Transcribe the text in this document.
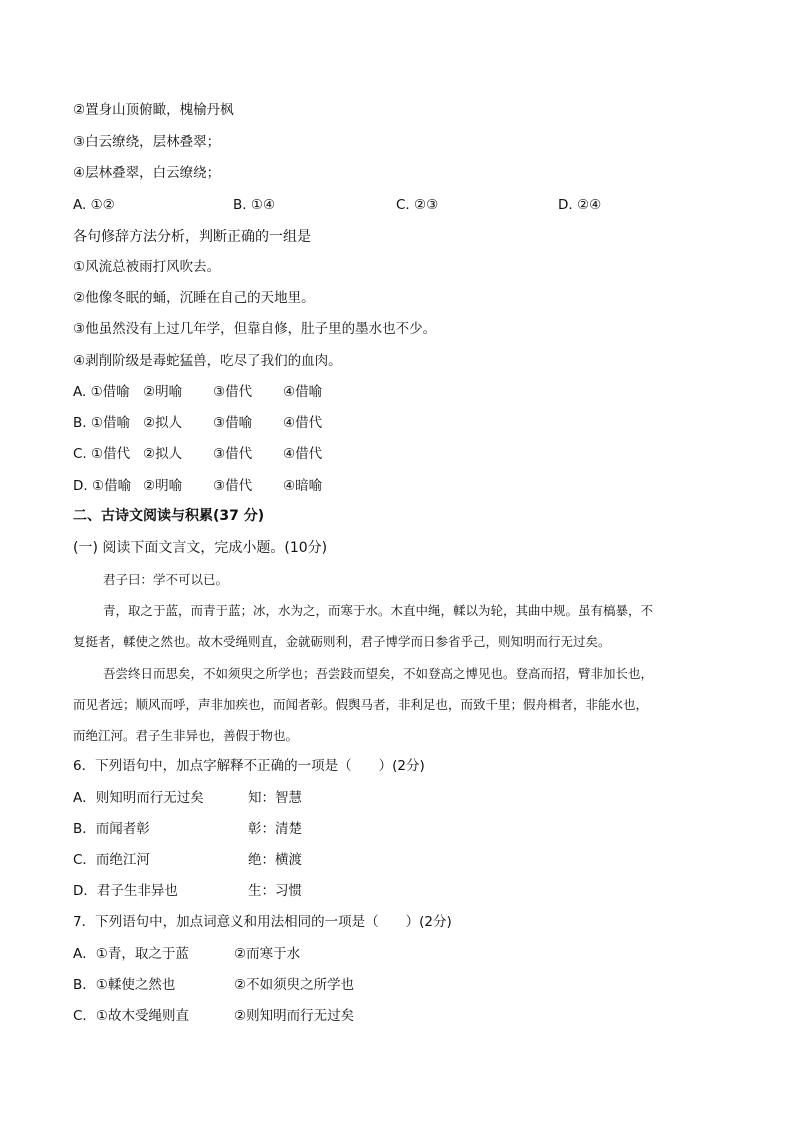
②置身山顶俯瞰，槐榆丹枫
③白云缭绕，层林叠翠；
④层林叠翠，白云缭绕；
A. ①②	B. ①④	C. ②③	D. ②④
各句修辞方法分析，判断正确的一组是
①风流总被雨打风吹去。
②他像冬眠的蛹，沉睡在自己的天地里。
③他虽然没有上过几年学，但靠自修，肚子里的墨水也不少。
④剥削阶级是毒蛇猛兽，吃尽了我们的血肉。
A. ①借喻 ②明喻 ③借代 ④借喻
B. ①借喻 ②拟人 ③借喻 ④借代
C. ①借代 ②拟人 ③借代 ④借代
D. ①借喻 ②明喻 ③借代 ④暗喻
二、古诗文阅读与积累(37 分)
(一) 阅读下面文言文，完成小题。(10分)
君子曰：学不可以已。
青，取之于蓝，而青于蓝；冰，水为之，而寒于水。木直中绳，輮以为轮，其曲中规。虽有槁暴，不
复挺者，輮使之然也。故木受绳则直，金就砺则利，君子博学而日参省乎己，则知明而行无过矣。
吾尝终日而思矣，不如须臾之所学也；吾尝跂而望矣，不如登高之博见也。登高而招，臂非加长也，
而见者远；顺风而呼，声非加疾也，而闻者彰。假舆马者，非利足也，而致千里；假舟楫者，非能水也，
而绝江河。君子生非异也，善假于物也。
6．下列语句中，加点字解释不正确的一项是（　　）(2分)
A．则知明而行无过矣	知：智慧
B．而闻者彰	彰：清楚
C．而绝江河	绝：横渡
D．君子生非异也	生：习惯
7．下列语句中，加点词意义和用法相同的一项是（　　）(2分)
A．①青，取之于蓝	②而寒于水
B．①輮使之然也	②不如须臾之所学也
C．①故木受绳则直	②则知明而行无过矣
